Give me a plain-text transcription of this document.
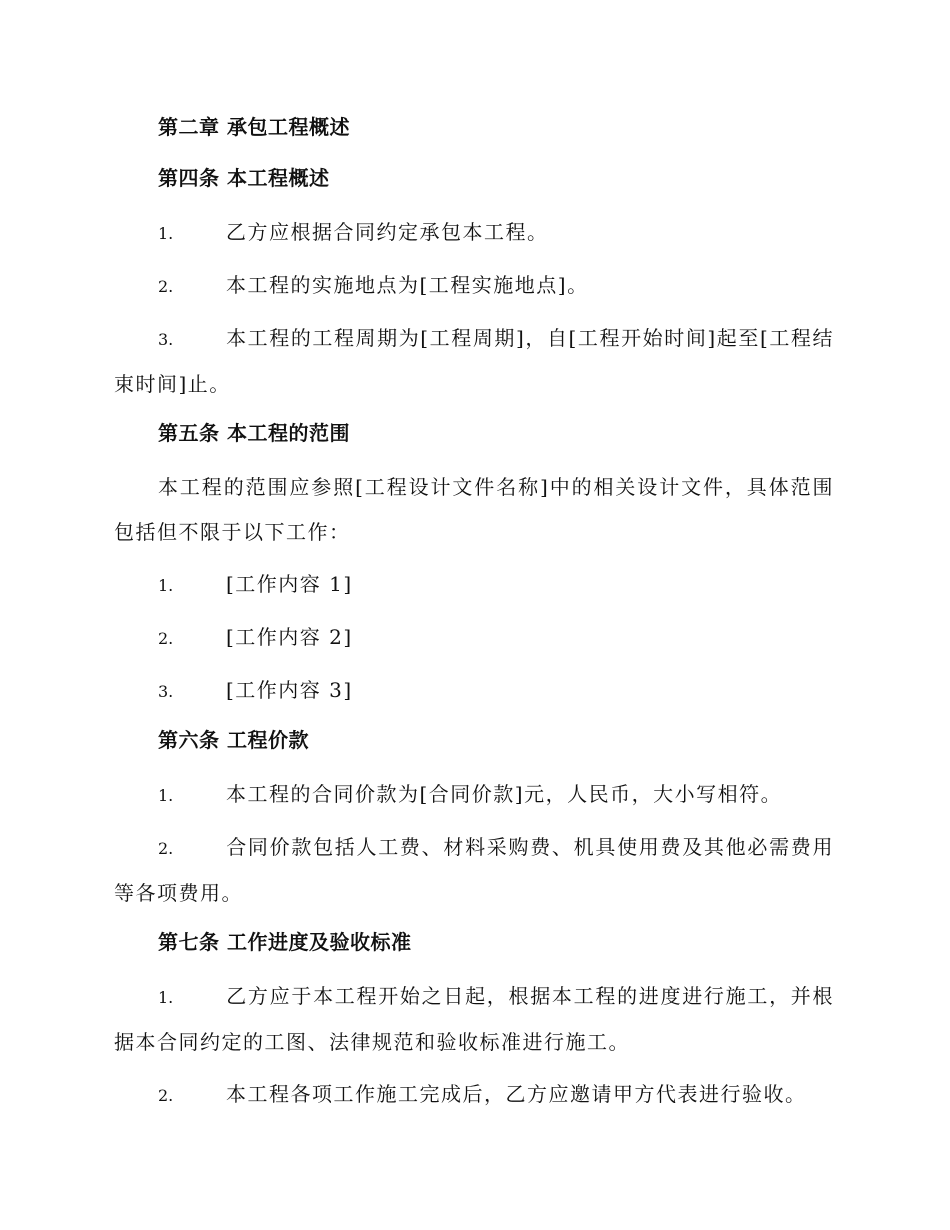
第二章 承包工程概述
第四条 本工程概述
1.	乙方应根据合同约定承包本工程。
2.	本工程的实施地点为[工程实施地点]。
3.	本工程的工程周期为[工程周期]，自[工程开始时间]起至[工程结束时间]止。
第五条 本工程的范围
本工程的范围应参照[工程设计文件名称]中的相关设计文件，具体范围包括但不限于以下工作：
1.	[工作内容 1]
2.	[工作内容 2]
3.	[工作内容 3]
第六条 工程价款
1.	本工程的合同价款为[合同价款]元，人民币，大小写相符。
2.	合同价款包括人工费、材料采购费、机具使用费及其他必需费用等各项费用。
第七条 工作进度及验收标准
1.	乙方应于本工程开始之日起，根据本工程的进度进行施工，并根据本合同约定的工图、法律规范和验收标准进行施工。
2.	本工程各项工作施工完成后，乙方应邀请甲方代表进行验收。
